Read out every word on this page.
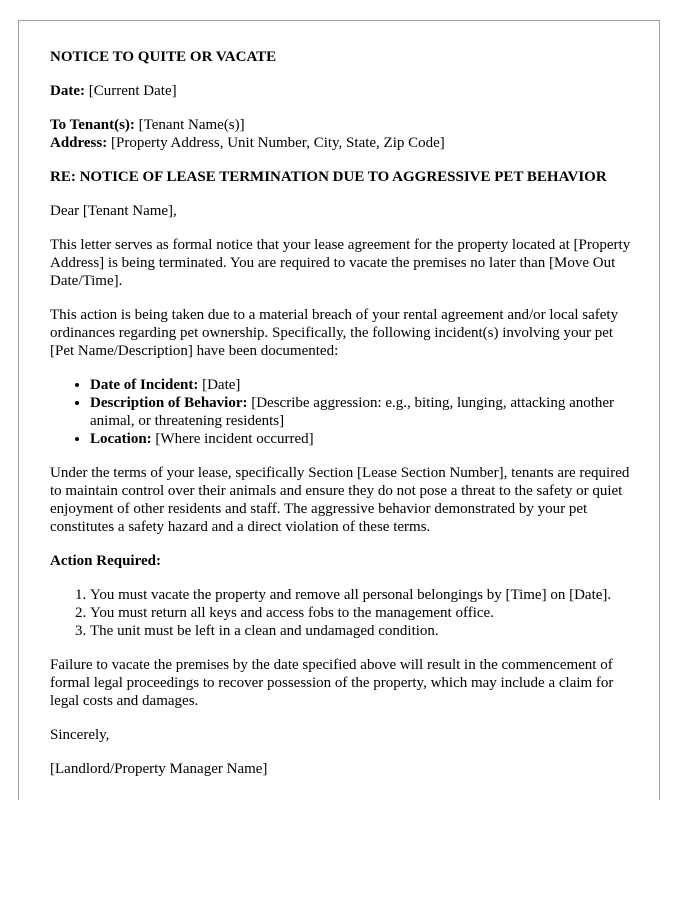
NOTICE TO QUITE OR VACATE

Date: [Current Date]

To Tenant(s): [Tenant Name(s)]
Address: [Property Address, Unit Number, City, State, Zip Code]

RE: NOTICE OF LEASE TERMINATION DUE TO AGGRESSIVE PET BEHAVIOR

Dear [Tenant Name],

This letter serves as formal notice that your lease agreement for the property located at [Property Address] is being terminated. You are required to vacate the premises no later than [Move Out Date/Time].

This action is being taken due to a material breach of your rental agreement and/or local safety ordinances regarding pet ownership. Specifically, the following incident(s) involving your pet [Pet Name/Description] have been documented:

• Date of Incident: [Date]
• Description of Behavior: [Describe aggression: e.g., biting, lunging, attacking another animal, or threatening residents]
• Location: [Where incident occurred]

Under the terms of your lease, specifically Section [Lease Section Number], tenants are required to maintain control over their animals and ensure they do not pose a threat to the safety or quiet enjoyment of other residents and staff. The aggressive behavior demonstrated by your pet constitutes a safety hazard and a direct violation of these terms.

Action Required:

1. You must vacate the property and remove all personal belongings by [Time] on [Date].
2. You must return all keys and access fobs to the management office.
3. The unit must be left in a clean and undamaged condition.

Failure to vacate the premises by the date specified above will result in the commencement of formal legal proceedings to recover possession of the property, which may include a claim for legal costs and damages.

Sincerely,

[Landlord/Property Manager Name]
